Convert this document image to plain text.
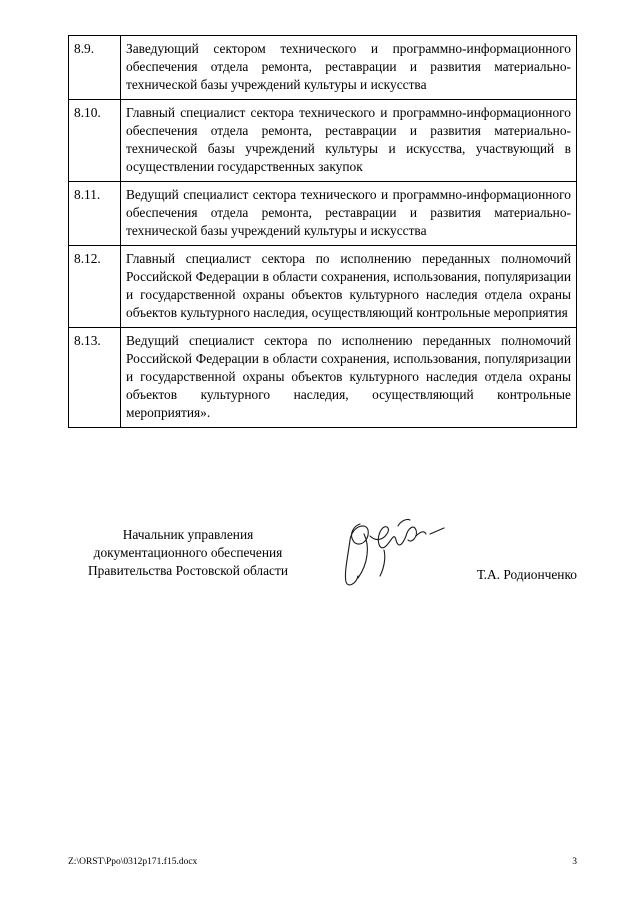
8.9.	Заведующий сектором технического и программно-информационного обеспечения отдела ремонта, реставрации и развития материально-технической базы учреждений культуры и искусства
8.10.	Главный специалист сектора технического и программно-информационного обеспечения отдела ремонта, реставрации и развития материально-технической базы учреждений культуры и искусства, участвующий в осуществлении государственных закупок
8.11.	Ведущий специалист сектора технического и программно-информационного обеспечения отдела ремонта, реставрации и развития материально-технической базы учреждений культуры и искусства
8.12.	Главный специалист сектора по исполнению переданных полномочий Российской Федерации в области сохранения, использования, популяризации и государственной охраны объектов культурного наследия отдела охраны объектов культурного наследия, осуществляющий контрольные мероприятия
8.13.	Ведущий специалист сектора по исполнению переданных полномочий Российской Федерации в области сохранения, использования, популяризации и государственной охраны объектов культурного наследия отдела охраны объектов культурного наследия, осуществляющий контрольные мероприятия».
Начальник управления
документационного обеспечения
Правительства Ростовской области	Т.А. Родионченко
Z:\ORST\Ppo\0312p171.f15.docx	3
